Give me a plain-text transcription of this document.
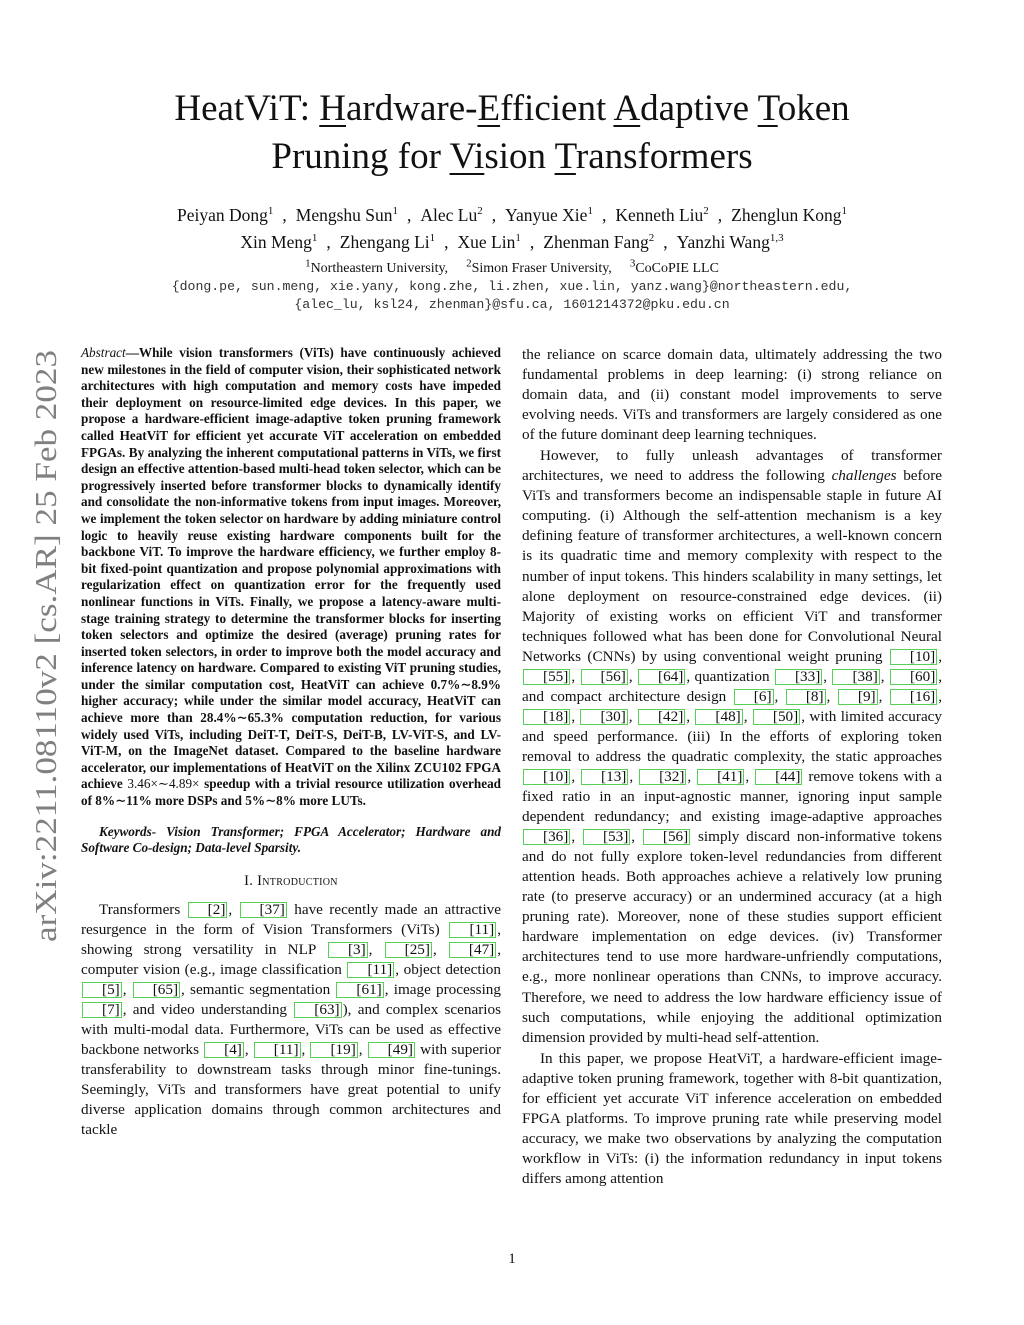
arXiv:2211.08110v2 [cs.AR] 25 Feb 2023
HeatViT: Hardware-Efficient Adaptive Token
Pruning for Vision Transformers
Peiyan Dong$^1$ , Mengshu Sun$^1$ , Alec Lu$^2$ , Yanyue Xie$^1$ , Kenneth Liu$^2$ , Zhenglun Kong$^1$
Xin Meng$^1$ , Zhengang Li$^1$ , Xue Lin$^1$ , Zhenman Fang$^2$ , Yanzhi Wang$^{1,3}$
$^1$Northeastern University, $^2$Simon Fraser University, $^3$CoCoPIE LLC
{dong.pe, sun.meng, xie.yany, kong.zhe, li.zhen, xue.lin, yanz.wang}@northeastern.edu,
{alec_lu, ksl24, zhenman}@sfu.ca, 1601214372@pku.edu.cn

Abstract—While vision transformers (ViTs) have continuously achieved new milestones in the field of computer vision, their sophisticated network architectures with high computation and memory costs have impeded their deployment on resource-limited edge devices. In this paper, we propose a hardware-efficient image-adaptive token pruning framework called HeatViT for efficient yet accurate ViT acceleration on embedded FPGAs. By analyzing the inherent computational patterns in ViTs, we first design an effective attention-based multi-head token selector, which can be progressively inserted before transformer blocks to dynamically identify and consolidate the non-informative tokens from input images. Moreover, we implement the token selector on hardware by adding miniature control logic to heavily reuse existing hardware components built for the backbone ViT. To improve the hardware efficiency, we further employ 8-bit fixed-point quantization and propose polynomial approximations with regularization effect on quantization error for the frequently used nonlinear functions in ViTs. Finally, we propose a latency-aware multi-stage training strategy to determine the transformer blocks for inserting token selectors and optimize the desired (average) pruning rates for inserted token selectors, in order to improve both the model accuracy and inference latency on hardware. Compared to existing ViT pruning studies, under the similar computation cost, HeatViT can achieve 0.7%∼8.9% higher accuracy; while under the similar model accuracy, HeatViT can achieve more than 28.4%∼65.3% computation reduction, for various widely used ViTs, including DeiT-T, DeiT-S, DeiT-B, LV-ViT-S, and LV-ViT-M, on the ImageNet dataset. Compared to the baseline hardware accelerator, our implementations of HeatViT on the Xilinx ZCU102 FPGA achieve 3.46×∼4.89× speedup with a trivial resource utilization overhead of 8%∼11% more DSPs and 5%∼8% more LUTs.

Keywords- Vision Transformer; FPGA Accelerator; Hardware and Software Co-design; Data-level Sparsity.

I. Introduction

Transformers [ 2 ] , [ 37 ] have recently made an attractive resurgence in the form of Vision Transformers (ViTs) [ 11 ] , showing strong versatility in NLP [ 3 ] , [ 25 ] , [ 47 ] , computer vision (e.g., image classification [ 11 ] , object detection [ 5 ] , [ 65 ] , semantic segmentation [ 61 ] , image processing [ 7 ] , and video understanding [ 63 ] ), and complex scenarios with multi-modal data. Furthermore, ViTs can be used as effective backbone networks [ 4 ] , [ 11 ] , [ 19 ] , [ 49 ] with superior transferability to downstream tasks through minor fine-tunings. Seemingly, ViTs and transformers have great potential to unify diverse application domains through common architectures and tackle

the reliance on scarce domain data, ultimately addressing the two fundamental problems in deep learning: (i) strong reliance on domain data, and (ii) constant model improvements to serve evolving needs. ViTs and transformers are largely considered as one of the future dominant deep learning techniques.

However, to fully unleash advantages of transformer architectures, we need to address the following challenges before ViTs and transformers become an indispensable staple in future AI computing. (i) Although the self-attention mechanism is a key defining feature of transformer architectures, a well-known concern is its quadratic time and memory complexity with respect to the number of input tokens. This hinders scalability in many settings, let alone deployment on resource-constrained edge devices. (ii) Majority of existing works on efficient ViT and transformer techniques followed what has been done for Convolutional Neural Networks (CNNs) by using conventional weight pruning [ 10 ] , [ 55 ] , [ 56 ] , [ 64 ] , quantization [ 33 ] , [ 38 ] , [ 60 ] , and compact architecture design [ 6 ] , [ 8 ] , [ 9 ] , [ 16 ] , [ 18 ] , [ 30 ] , [ 42 ] , [ 48 ] , [ 50 ] , with limited accuracy and speed performance. (iii) In the efforts of exploring token removal to address the quadratic complexity, the static approaches [ 10 ] , [ 13 ] , [ 32 ] , [ 41 ] , [ 44 ] remove tokens with a fixed ratio in an input-agnostic manner, ignoring input sample dependent redundancy; and existing image-adaptive approaches [ 36 ] , [ 53 ] , [ 56 ] simply discard non-informative tokens and do not fully explore token-level redundancies from different attention heads. Both approaches achieve a relatively low pruning rate (to preserve accuracy) or an undermined accuracy (at a high pruning rate). Moreover, none of these studies support efficient hardware implementation on edge devices. (iv) Transformer architectures tend to use more hardware-unfriendly computations, e.g., more nonlinear operations than CNNs, to improve accuracy. Therefore, we need to address the low hardware efficiency issue of such computations, while enjoying the additional optimization dimension provided by multi-head self-attention.

In this paper, we propose HeatViT, a hardware-efficient image-adaptive token pruning framework, together with 8-bit quantization, for efficient yet accurate ViT inference acceleration on embedded FPGA platforms. To improve pruning rate while preserving model accuracy, we make two observations by analyzing the computation workflow in ViTs: (i) the information redundancy in input tokens differs among attention

1
